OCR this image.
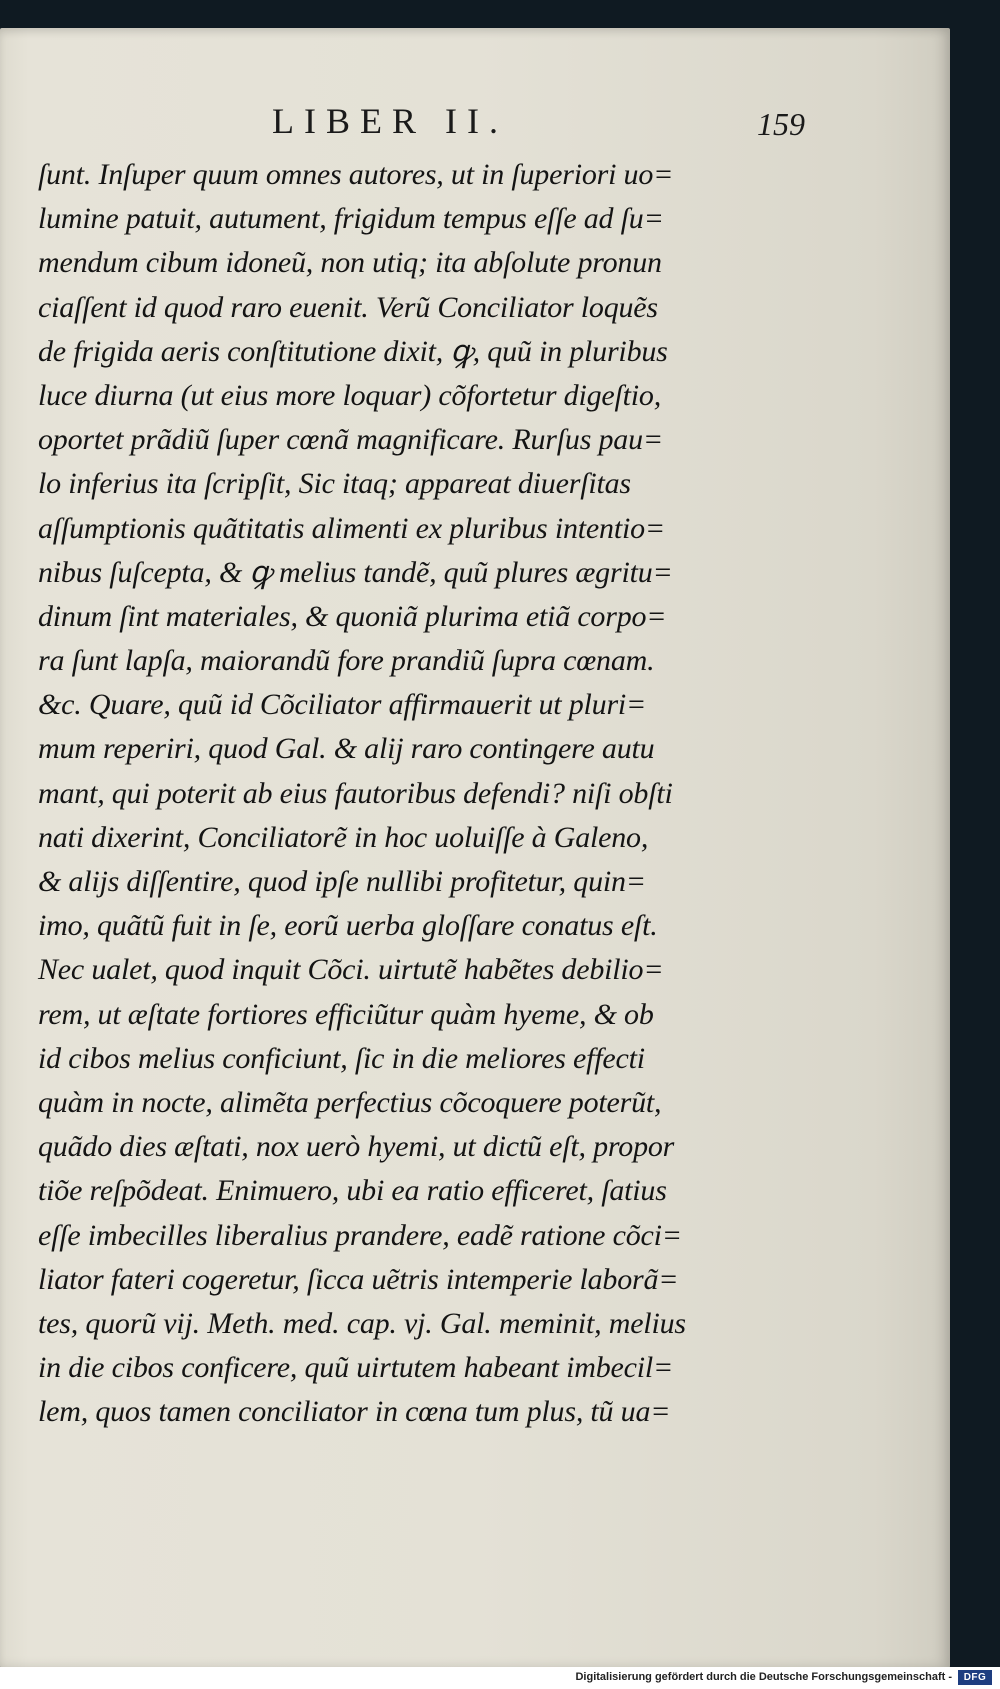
LIBER II.	159
ſunt. Inſuper quum omnes autores, ut in ſuperiori uo=
lumine patuit, autument, frigidum tempus eſſe ad ſu=
mendum cibum idoneũ, non utiq; ita abſolute pronun
ciaſſent id quod raro euenit. Verũ Conciliator loquẽs
de frigida aeris conſtitutione dixit, ꝙ, quũ in pluribus
luce diurna (ut eius more loquar) cõfortetur digeſtio,
oportet prãdiũ ſuper cœnã magnificare. Rurſus pau=
lo inferius ita ſcripſit, Sic itaq; appareat diuerſitas
aſſumptionis quãtitatis alimenti ex pluribus intentio=
nibus ſuſcepta, & ꝙ melius tandẽ, quũ plures ægritu=
dinum ſint materiales, & quoniã plurima etiã corpo=
ra ſunt lapſa, maiorandũ fore prandiũ ſupra cœnam.
&c. Quare, quũ id Cõciliator affirmauerit ut pluri=
mum reperiri, quod Gal. & alij raro contingere autu
mant, qui poterit ab eius fautoribus defendi? niſi obſti
nati dixerint, Conciliatorẽ in hoc uoluiſſe à Galeno,
& alijs diſſentire, quod ipſe nullibi profitetur, quin=
imo, quãtũ fuit in ſe, eorũ uerba gloſſare conatus eſt.
Nec ualet, quod inquit Cõci. uirtutẽ habẽtes debilio=
rem, ut æſtate fortiores efficiũtur quàm hyeme, & ob
id cibos melius conficiunt, ſic in die meliores effecti
quàm in nocte, alimẽta perfectius cõcoquere poterũt,
quãdo dies æſtati, nox uerò hyemi, ut dictũ eſt, propor
tiõe reſpõdeat. Enimuero, ubi ea ratio efficeret, ſatius
eſſe imbecilles liberalius prandere, eadẽ ratione cõci=
liator fateri cogeretur, ſicca uẽtris intemperie laborã=
tes, quorũ vij. Meth. med. cap. vj. Gal. meminit, melius
in die cibos conficere, quũ uirtutem habeant imbecil=
lem, quos tamen conciliator in cœna tum plus, tũ ua=
Digitalisierung gefördert durch die Deutsche Forschungsgemeinschaft -	DFG
